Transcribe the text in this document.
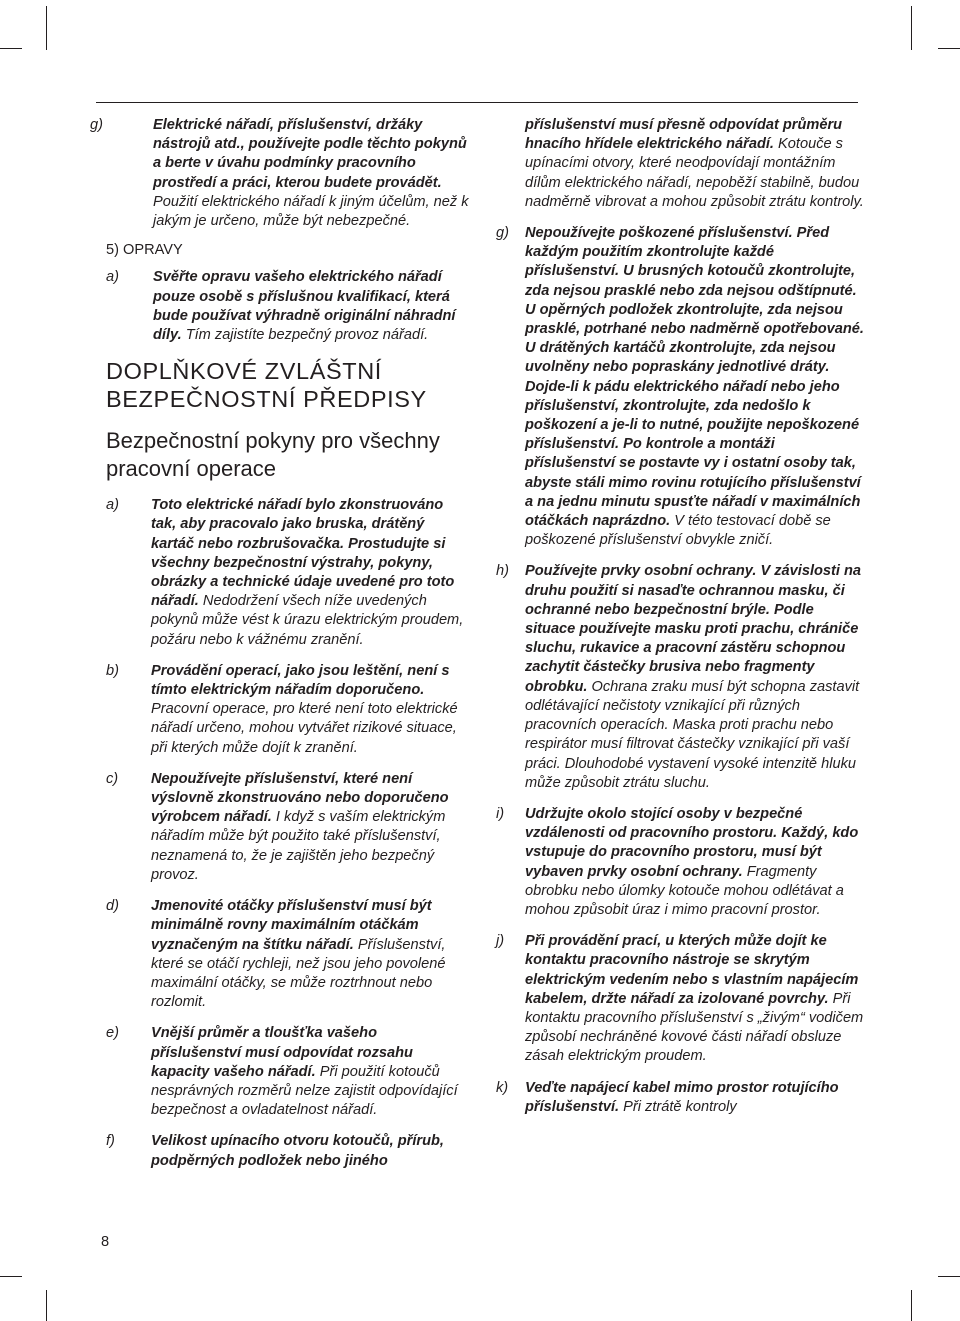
g)	Elektrické nářadí, příslušenství, držáky nástrojů atd., používejte podle těchto pokynů a berte v úvahu podmínky pracovního prostředí a práci, kterou budete provádět. Použití elektrického nářadí k jiným účelům, než k jakým je určeno, může být nebezpečné.
5) OPRAVY
a) Svěřte opravu vašeho elektrického nářadí pouze osobě s příslušnou kvalifikací, která bude používat výhradně originální náhradní díly. Tím zajistíte bezpečný provoz nářadí.
DOPLŇKOVÉ ZVLÁŠTNÍ BEZPEČNOSTNÍ PŘEDPISY
Bezpečnostní pokyny pro všechny pracovní operace
a) Toto elektrické nářadí bylo zkonstruováno tak, aby pracovalo jako bruska, drátěný kartáč nebo rozbrušovačka. Prostudujte si všechny bezpečnostní výstrahy, pokyny, obrázky a technické údaje uvedené pro toto nářadí. Nedodržení všech níže uvedených pokynů může vést k úrazu elektrickým proudem, požáru nebo k vážnému zranění.
b) Provádění operací, jako jsou leštění, není s tímto elektrickým nářadím doporučeno. Pracovní operace, pro které není toto elektrické nářadí určeno, mohou vytvářet rizikové situace, při kterých může dojít k zranění.
c) Nepoužívejte příslušenství, které není výslovně zkonstruováno nebo doporučeno výrobcem nářadí. I když s vaším elektrickým nářadím může být použito také příslušenství, neznamená to, že je zajištěn jeho bezpečný provoz.
d) Jmenovité otáčky příslušenství musí být minimálně rovny maximálním otáčkám vyznačeným na štítku nářadí. Příslušenství, které se otáčí rychleji, než jsou jeho povolené maximální otáčky, se může roztrhnout nebo rozlomit.
e) Vnější průměr a tloušťka vašeho příslušenství musí odpovídat rozsahu kapacity vašeho nářadí. Při použití kotoučů nesprávných rozměrů nelze zajistit odpovídající bezpečnost a ovladatelnost nářadí.
f) Velikost upínacího otvoru kotoučů, přírub, podpěrných podložek nebo jiného
příslušenství musí přesně odpovídat průměru hnacího hřídele elektrického nářadí. Kotouče s upínacími otvory, které neodpovídají montážním dílům elektrického nářadí, nepoběží stabilně, budou nadměrně vibrovat a mohou způsobit ztrátu kontroly.
g) Nepoužívejte poškozené příslušenství. Před každým použitím zkontrolujte každé příslušenství. U brusných kotoučů zkontrolujte, zda nejsou prasklé nebo zda nejsou odštípnuté. U opěrných podložek zkontrolujte, zda nejsou prasklé, potrhané nebo nadměrně opotřebované. U drátěných kartáčů zkontrolujte, zda nejsou uvolněny nebo popraskány jednotlivé dráty. Dojde-li k pádu elektrického nářadí nebo jeho příslušenství, zkontrolujte, zda nedošlo k poškození a je-li to nutné, použijte nepoškozené příslušenství. Po kontrole a montáži příslušenství se postavte vy i ostatní osoby tak, abyste stáli mimo rovinu rotujícího příslušenství a na jednu minutu spusťte nářadí v maximálních otáčkách naprázdno. V této testovací době se poškozené příslušenství obvykle zničí.
h) Používejte prvky osobní ochrany. V závislosti na druhu použití si nasaďte ochrannou masku, či ochranné nebo bezpečnostní brýle. Podle situace používejte masku proti prachu, chrániče sluchu, rukavice a pracovní zástěru schopnou zachytit částečky brusiva nebo fragmenty obrobku. Ochrana zraku musí být schopna zastavit odlétávající nečistoty vznikající při různých pracovních operacích. Maska proti prachu nebo respirátor musí filtrovat částečky vznikající při vaší práci. Dlouhodobé vystavení vysoké intenzitě hluku může způsobit ztrátu sluchu.
i) Udržujte okolo stojící osoby v bezpečné vzdálenosti od pracovního prostoru. Každý, kdo vstupuje do pracovního prostoru, musí být vybaven prvky osobní ochrany. Fragmenty obrobku nebo úlomky kotouče mohou odlétávat a mohou způsobit úraz i mimo pracovní prostor.
j) Při provádění prací, u kterých může dojít ke kontaktu pracovního nástroje se skrytým elektrickým vedením nebo s vlastním napájecím kabelem, držte nářadí za izolované povrchy. Při kontaktu pracovního příslušenství s „živým“ vodičem způsobí nechráněné kovové části nářadí obsluze zásah elektrickým proudem.
k) Veďte napájecí kabel mimo prostor rotujícího příslušenství. Při ztrátě kontroly
8
